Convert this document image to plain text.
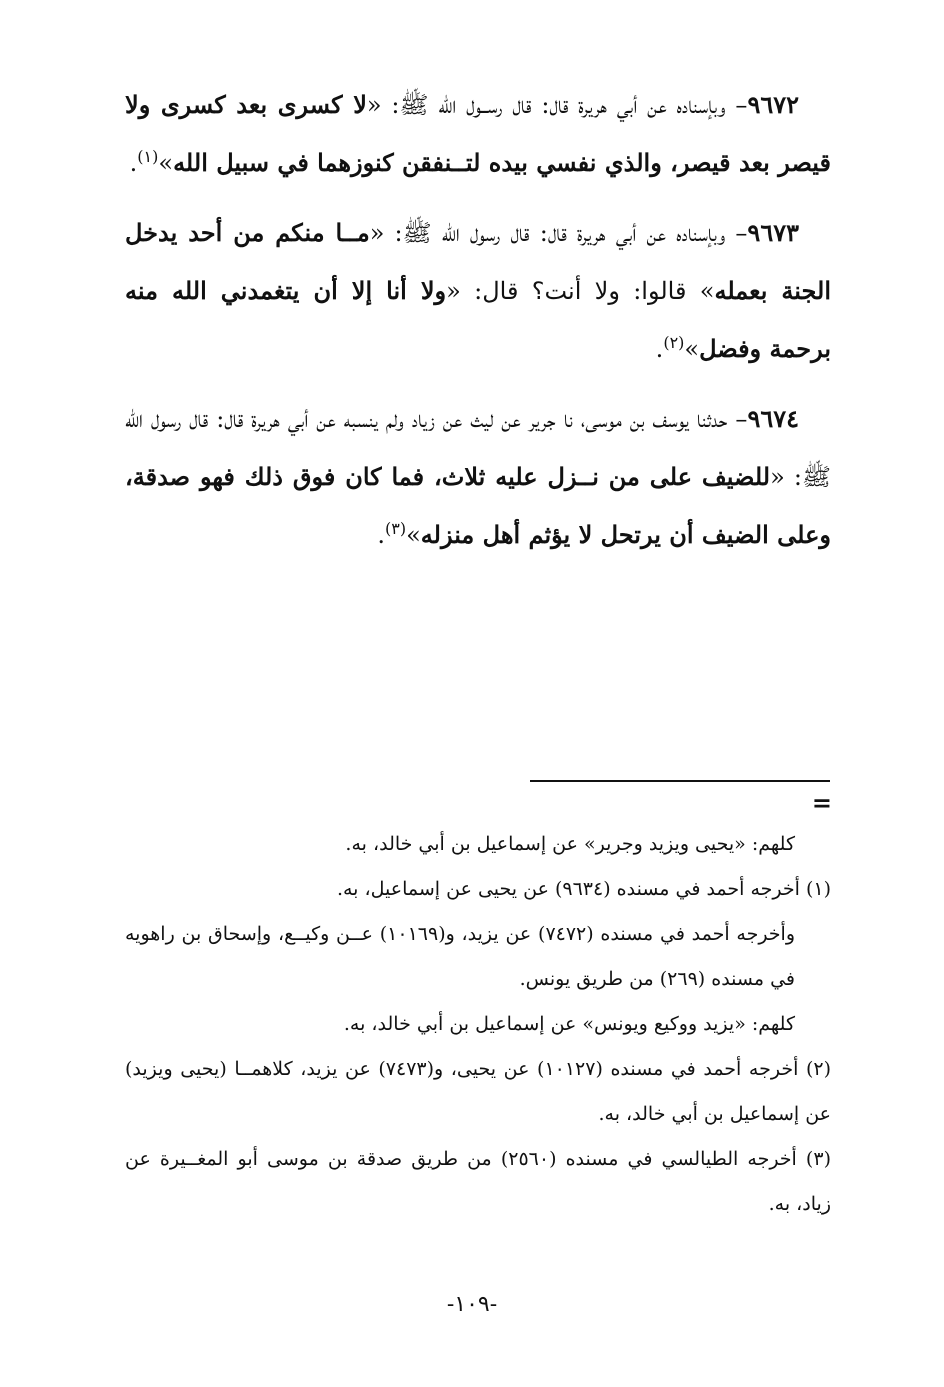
٩٦٧٢– وبإسناده عن أبي هريرة قال: قال رســول الله ﷺ: «لا كسرى بعد كسرى ولا قيصر بعد قيصر، والذي نفسي بيده لتــنفقن كنوزهما في سبيل الله»$^{(١)}$.

٩٦٧٣– وبإسناده عن أبي هريرة قال: قال رسول الله ﷺ: «مــا منكم من أحد يدخل الجنة بعمله» قالوا: ولا أنت؟ قال: «ولا أنا إلا أن يتغمدني الله منه برحمة وفضل»$^{(٢)}$.

٩٦٧٤– حدثنا يوسف بن موسى، نا جرير عن ليث عن زياد ولم ينسبه عن أبي هريرة قال: قال رسول الله ﷺ: «للضيف على من نــزل عليه ثلاث، فما كان فوق ذلك فهو صدقة، وعلى الضيف أن يرتحل لا يؤثم أهل منزله»$^{(٣)}$.

=

كلهم: «يحيى ويزيد وجرير» عن إسماعيل بن أبي خالد، به.

(١) أخرجه أحمد في مسنده (٩٦٣٤) عن يحيى عن إسماعيل، به.

وأخرجه أحمد في مسنده (٧٤٧٢) عن يزيد، و(١٠١٦٩) عــن وكيــع، وإسحاق بن راهويه في مسنده (٢٦٩) من طريق يونس.

كلهم: «يزيد ووكيع ويونس» عن إسماعيل بن أبي خالد، به.

(٢) أخرجه أحمد في مسنده (١٠١٢٧) عن يحيى، و(٧٤٧٣) عن يزيد، كلاهمــا (يحيى ويزيد) عن إسماعيل بن أبي خالد، به.

(٣) أخرجه الطيالسي في مسنده (٢٥٦٠) من طريق صدقة بن موسى أبو المغــيرة عن زياد، به.

-١٠٩-
